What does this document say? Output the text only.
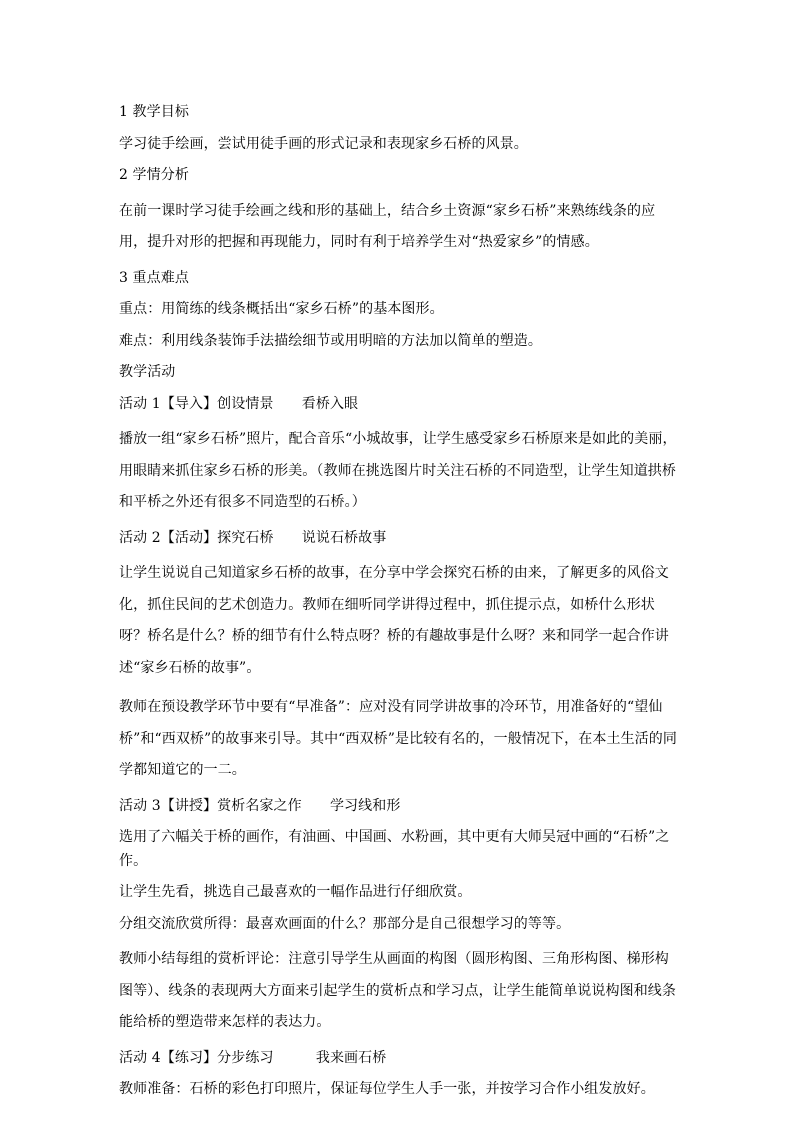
1 教学目标

学习徒手绘画，尝试用徒手画的形式记录和表现家乡石桥的风景。

2 学情分析

在前一课时学习徒手绘画之线和形的基础上，结合乡土资源“家乡石桥”来熟练线条的应用，提升对形的把握和再现能力，同时有利于培养学生对“热爱家乡”的情感。

3 重点难点

重点：用简练的线条概括出“家乡石桥”的基本图形。

难点：利用线条装饰手法描绘细节或用明暗的方法加以简单的塑造。

教学活动

活动 1【导入】创设情景　　看桥入眼

播放一组“家乡石桥”照片，配合音乐“小城故事，让学生感受家乡石桥原来是如此的美丽，用眼睛来抓住家乡石桥的形美。（教师在挑选图片时关注石桥的不同造型，让学生知道拱桥和平桥之外还有很多不同造型的石桥。）

活动 2【活动】探究石桥　　说说石桥故事

让学生说说自己知道家乡石桥的故事，在分享中学会探究石桥的由来，了解更多的风俗文化，抓住民间的艺术创造力。教师在细听同学讲得过程中，抓住提示点，如桥什么形状呀？桥名是什么？桥的细节有什么特点呀？桥的有趣故事是什么呀？来和同学一起合作讲述“家乡石桥的故事”。

教师在预设教学环节中要有“早准备”：应对没有同学讲故事的冷环节，用准备好的“望仙桥”和“西双桥”的故事来引导。其中“西双桥”是比较有名的，一般情况下，在本土生活的同学都知道它的一二。

活动 3【讲授】赏析名家之作　　学习线和形

选用了六幅关于桥的画作，有油画、中国画、水粉画，其中更有大师吴冠中画的“石桥”之作。

让学生先看，挑选自己最喜欢的一幅作品进行仔细欣赏。

分组交流欣赏所得：最喜欢画面的什么？那部分是自己很想学习的等等。

教师小结每组的赏析评论：注意引导学生从画面的构图（圆形构图、三角形构图、梯形构图等）、线条的表现两大方面来引起学生的赏析点和学习点，让学生能简单说说构图和线条能给桥的塑造带来怎样的表达力。

活动 4【练习】分步练习　　　我来画石桥

教师准备：石桥的彩色打印照片，保证每位学生人手一张，并按学习合作小组发放好。
